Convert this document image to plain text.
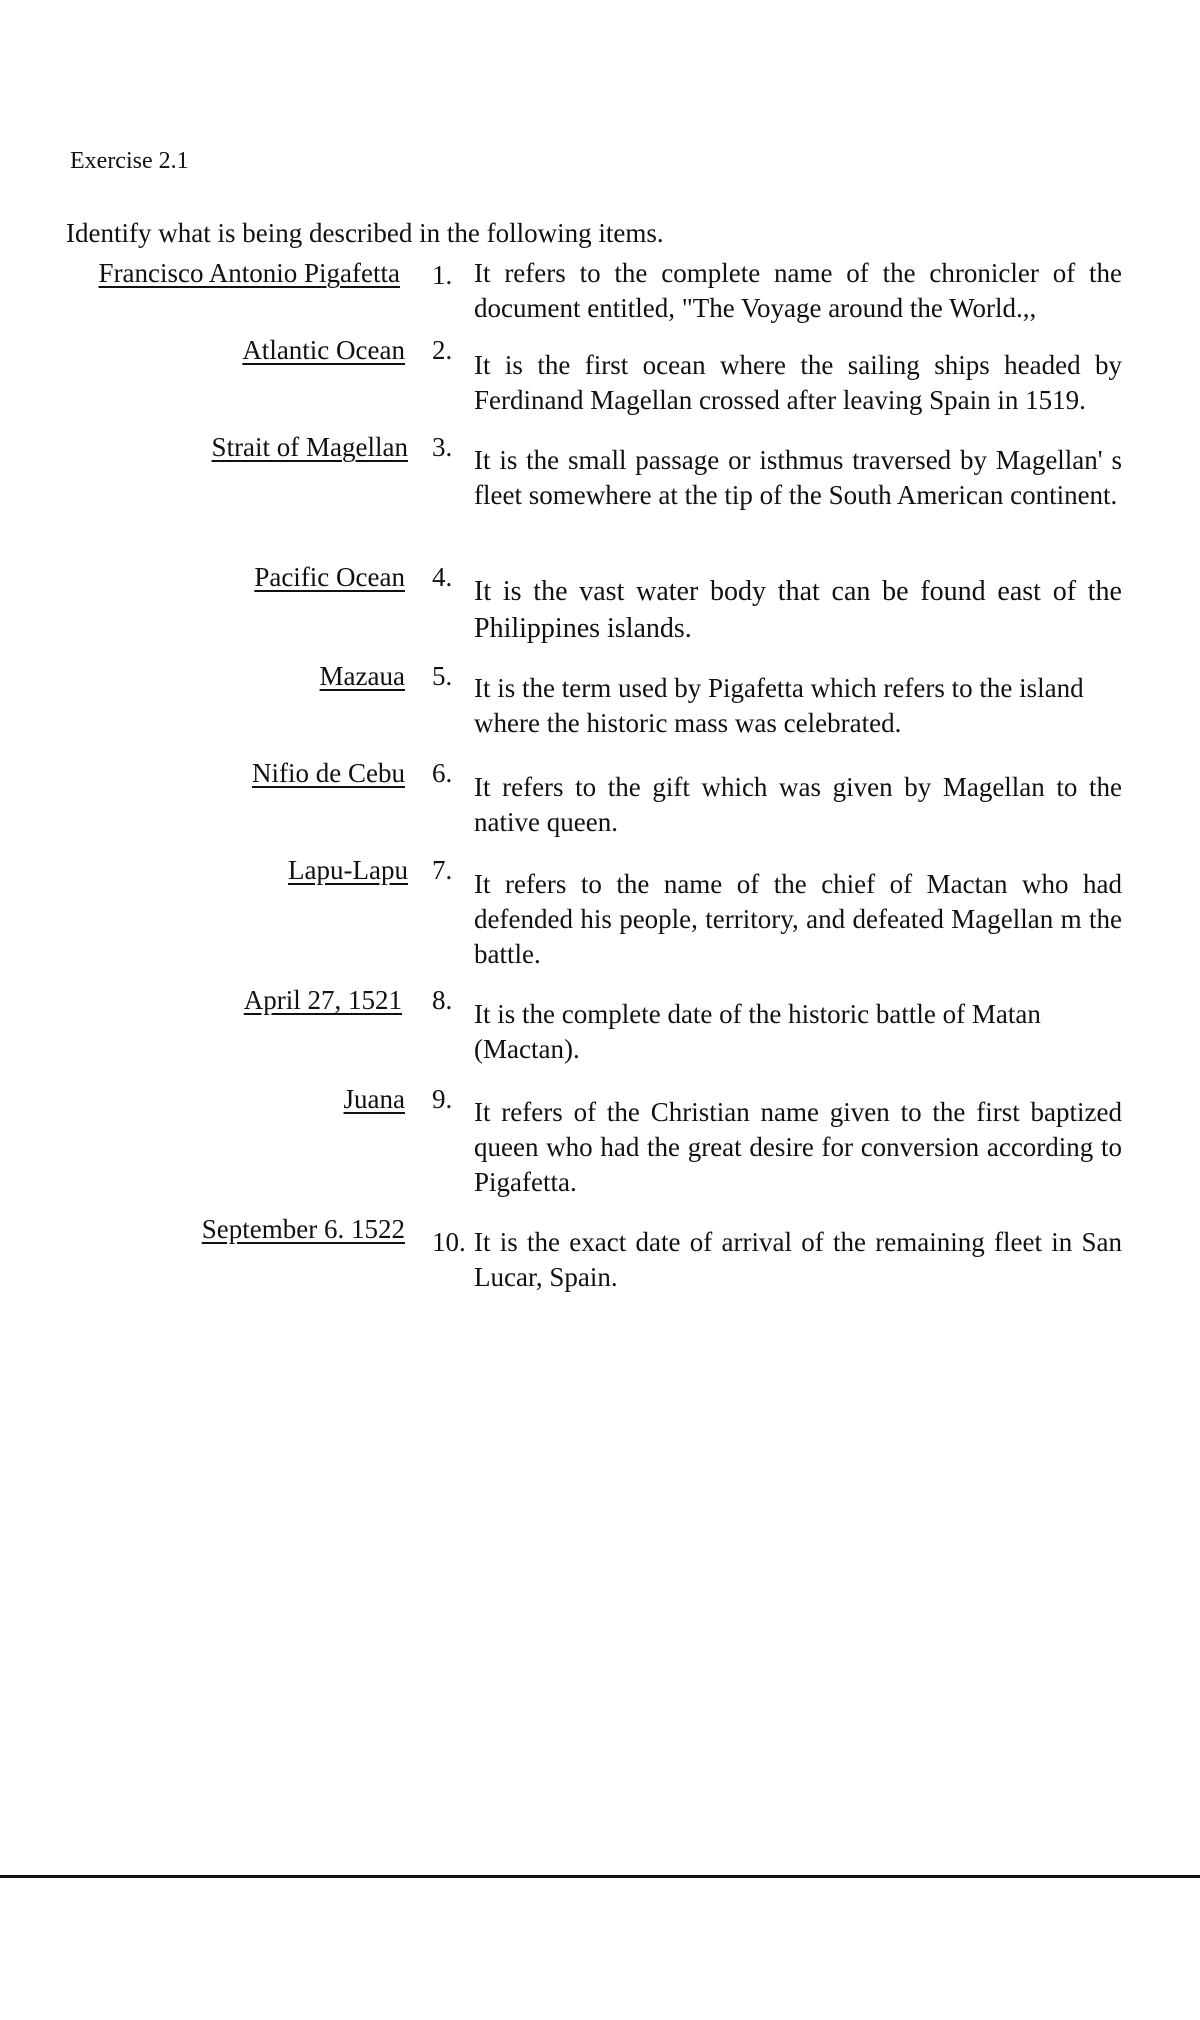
Exercise 2.1
Identify what is being described in the following items.
Francisco Antonio Pigafetta 1. It refers to the complete name of the chronicler of the document entitled, "The Voyage around the World.,,
Atlantic Ocean 2. It is the first ocean where the sailing ships headed by Ferdinand Magellan crossed after leaving Spain in 1519.
Strait of Magellan 3. It is the small passage or isthmus traversed by Magellan' s fleet somewhere at the tip of the South American continent.
Pacific Ocean 4. It is the vast water body that can be found east of the Philippines islands.
Mazaua 5. It is the term used by Pigafetta which refers to the island where the historic mass was celebrated.
Nifio de Cebu 6. It refers to the gift which was given by Magellan to the native queen.
Lapu-Lapu 7. It refers to the name of the chief of Mactan who had defended his people, territory, and defeated Magellan m the battle.
April 27, 1521 8. It is the complete date of the historic battle of Matan (Mactan).
Juana 9. It refers of the Christian name given to the first baptized queen who had the great desire for conversion according to Pigafetta.
September 6. 1522 10. It is the exact date of arrival of the remaining fleet in San Lucar, Spain.
